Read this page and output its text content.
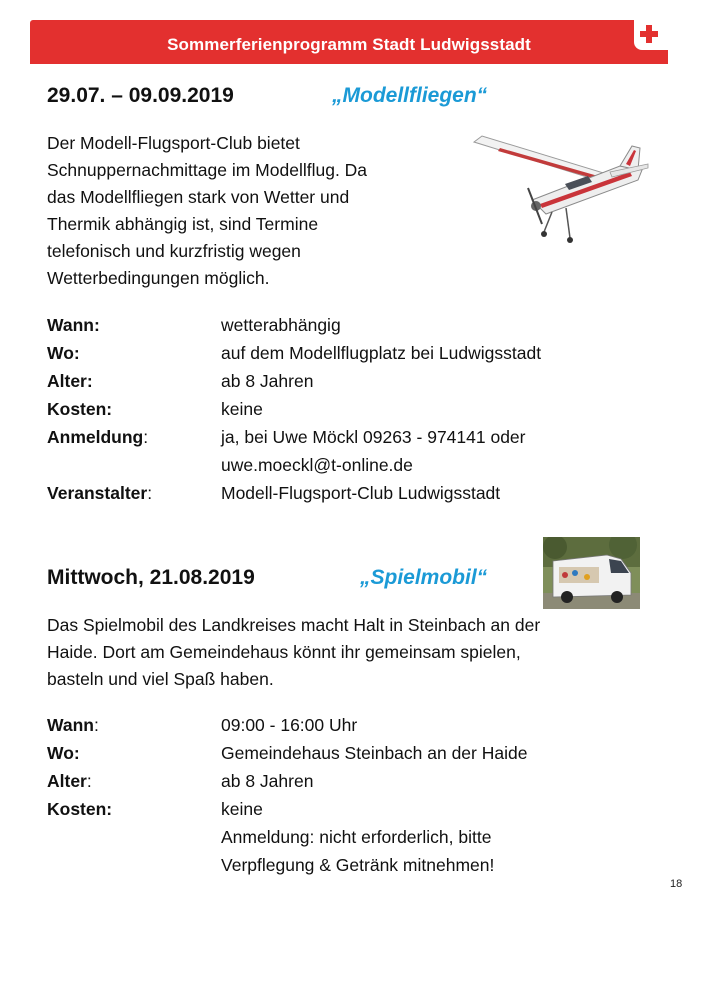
Sommerferienprogramm Stadt Ludwigsstadt
29.07. – 09.09.2019	„Modellfliegen“
Der Modell-Flugsport-Club bietet
Schnuppernachmittage im Modellflug. Da
das Modellfliegen stark von Wetter und
Thermik abhängig ist, sind Termine
telefonisch und kurzfristig wegen
Wetterbedingungen möglich.
Wann:	wetterabhängig
Wo:	auf dem Modellflugplatz bei Ludwigsstadt
Alter:	ab 8 Jahren
Kosten:	keine
Anmeldung:	ja, bei Uwe Möckl 09263 - 974141 oder
uwe.moeckl@t-online.de
Veranstalter:	Modell-Flugsport-Club Ludwigsstadt
Mittwoch, 21.08.2019	„Spielmobil“
Das Spielmobil des Landkreises macht Halt in Steinbach an der
Haide. Dort am Gemeindehaus könnt ihr gemeinsam spielen,
basteln und viel Spaß haben.
Wann:	09:00 - 16:00 Uhr
Wo:	Gemeindehaus Steinbach an der Haide
Alter:	ab 8 Jahren
Kosten:	keine
Anmeldung: nicht erforderlich, bitte
Verpflegung & Getränk mitnehmen!
18
